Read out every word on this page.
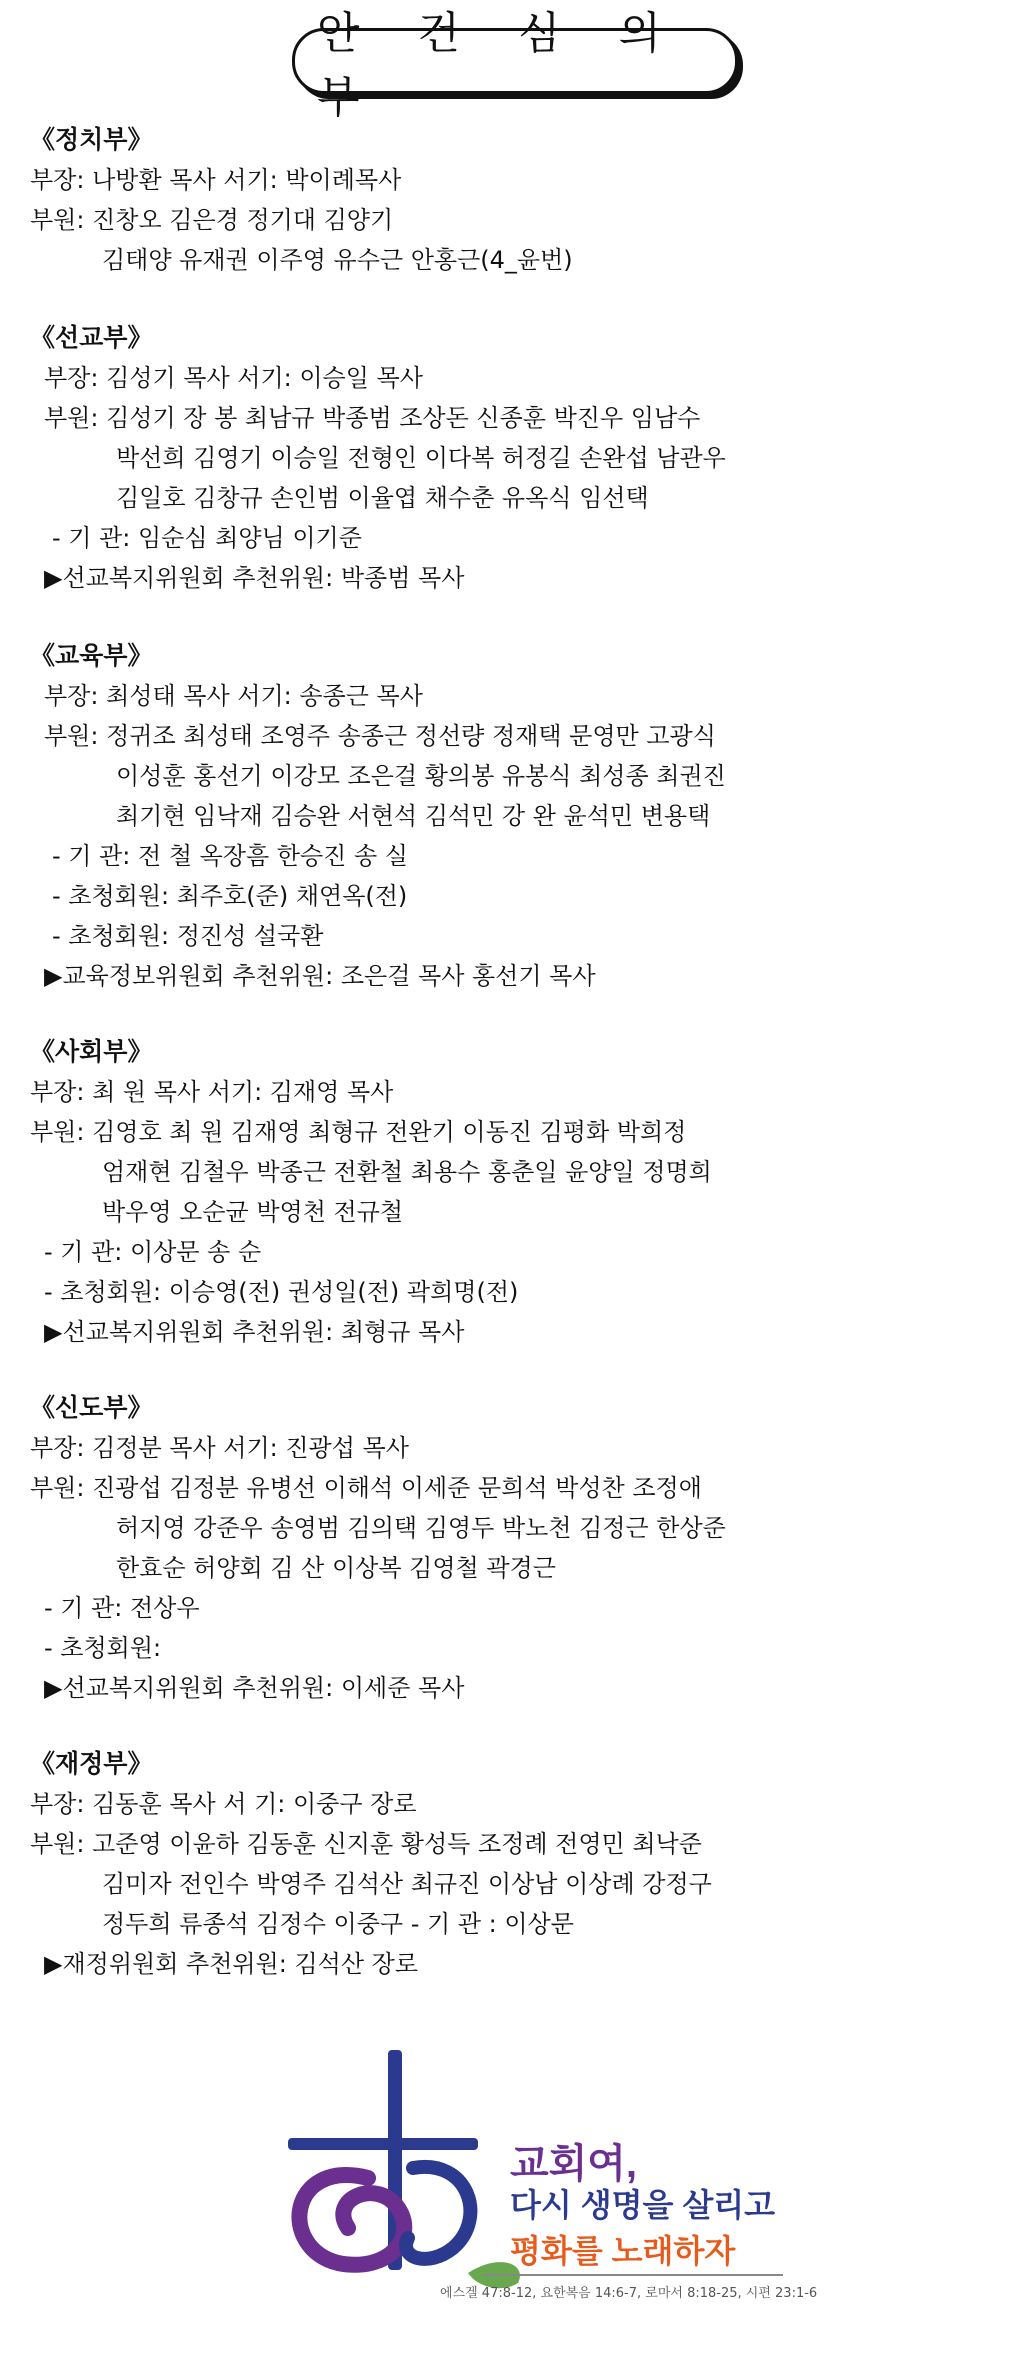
안 건 심 의 부
《정치부》
부장: 나방환 목사 서기: 박이례목사
부원: 진창오 김은경 정기대 김양기
김태양 유재권 이주영 유수근 안홍근(4_윤번)
《선교부》
부장: 김성기 목사 서기: 이승일 목사
부원: 김성기 장 봉 최남규 박종범 조상돈 신종훈 박진우 임남수
박선희 김영기 이승일 전형인 이다복 허정길 손완섭 남관우
김일호 김창규 손인범 이율엽 채수춘 유옥식 임선택
- 기 관: 임순심 최양님 이기준
▶선교복지위원회 추천위원: 박종범 목사
《교육부》
부장: 최성태 목사 서기: 송종근 목사
부원: 정귀조 최성태 조영주 송종근 정선량 정재택 문영만 고광식
이성훈 홍선기 이강모 조은걸 황의봉 유봉식 최성종 최권진
최기현 임낙재 김승완 서현석 김석민 강 완 윤석민 변용택
- 기 관: 전 철 옥장흠 한승진 송 실
- 초청회원: 최주호(준) 채연옥(전)
- 초청회원: 정진성 설국환
▶교육정보위원회 추천위원: 조은걸 목사 홍선기 목사
《사회부》
부장: 최 원 목사 서기: 김재영 목사
부원: 김영호 최 원 김재영 최형규 전완기 이동진 김평화 박희정
엄재현 김철우 박종근 전환철 최용수 홍춘일 윤양일 정명희
박우영 오순균 박영천 전규철
- 기 관: 이상문 송 순
- 초청회원: 이승영(전) 권성일(전) 곽희명(전)
▶선교복지위원회 추천위원: 최형규 목사
《신도부》
부장: 김정분 목사 서기: 진광섭 목사
부원: 진광섭 김정분 유병선 이해석 이세준 문희석 박성찬 조정애
허지영 강준우 송영범 김의택 김영두 박노천 김정근 한상준
한효순 허양회 김 산 이상복 김영철 곽경근
- 기 관: 전상우
- 초청회원:
▶선교복지위원회 추천위원: 이세준 목사
《재정부》
부장: 김동훈 목사 서 기: 이중구 장로
부원: 고준영 이윤하 김동훈 신지훈 황성득 조정례 전영민 최낙준
김미자 전인수 박영주 김석산 최규진 이상남 이상례 강정구
정두희 류종석 김정수 이중구 - 기 관 : 이상문
▶재정위원회 추천위원: 김석산 장로
교회여,
다시 생명을 살리고
평화를 노래하자
에스겔 47:8-12, 요한복음 14:6-7, 로마서 8:18-25, 시편 23:1-6
